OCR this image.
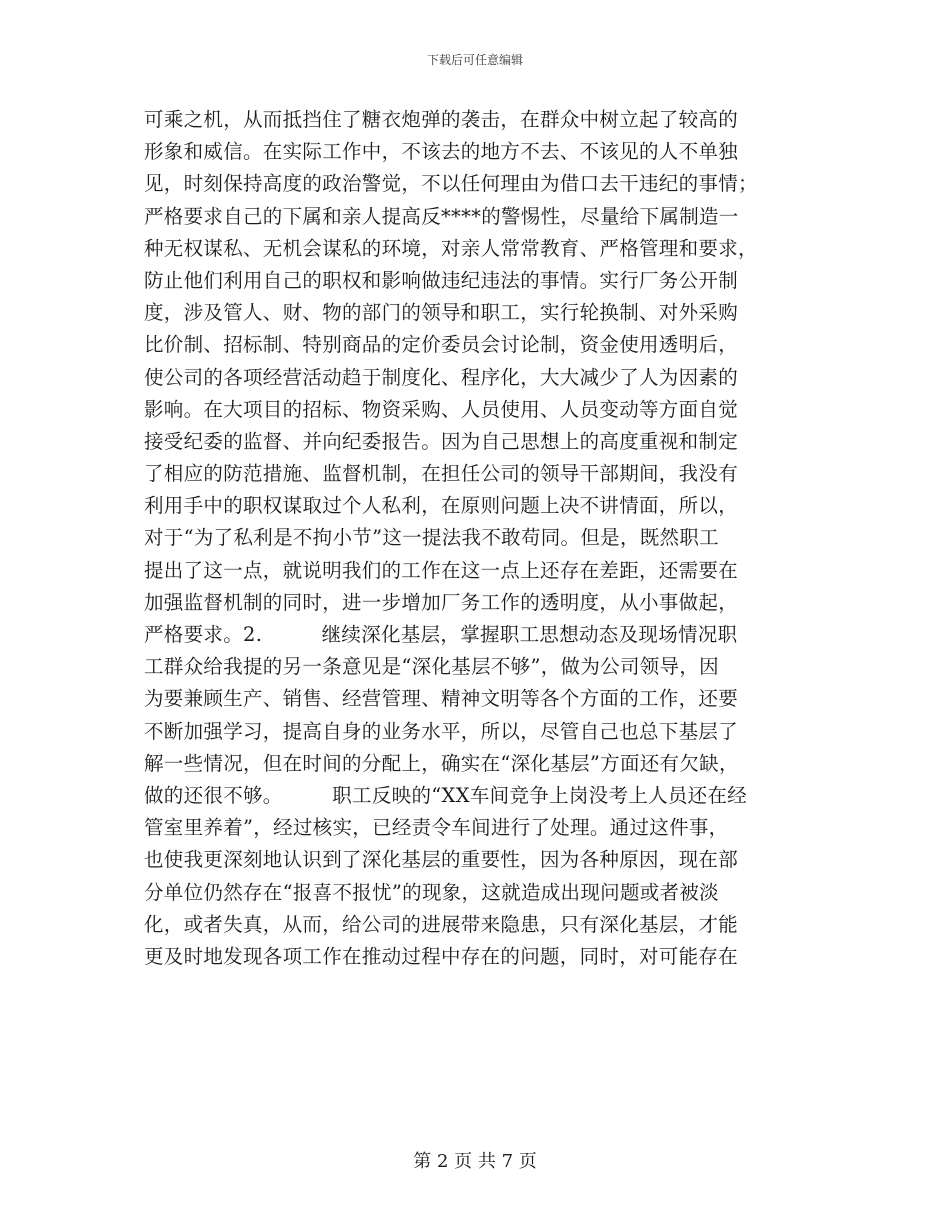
下载后可任意编辑
可乘之机，从而抵挡住了糖衣炮弹的袭击，在群众中树立起了较高的
形象和威信。在实际工作中，不该去的地方不去、不该见的人不单独
见，时刻保持高度的政治警觉，不以任何理由为借口去干违纪的事情；
严格要求自己的下属和亲人提高反****的警惕性，尽量给下属制造一
种无权谋私、无机会谋私的环境，对亲人常常教育、严格管理和要求，
防止他们利用自己的职权和影响做违纪违法的事情。实行厂务公开制
度，涉及管人、财、物的部门的领导和职工，实行轮换制、对外采购
比价制、招标制、特别商品的定价委员会讨论制，资金使用透明后，
使公司的各项经营活动趋于制度化、程序化，大大减少了人为因素的
影响。在大项目的招标、物资采购、人员使用、人员变动等方面自觉
接受纪委的监督、并向纪委报告。因为自己思想上的高度重视和制定
了相应的防范措施、监督机制，在担任公司的领导干部期间，我没有
利用手中的职权谋取过个人私利，在原则问题上决不讲情面，所以，
对于“为了私利是不拘小节”这一提法我不敢苟同。但是，既然职工
提出了这一点，就说明我们的工作在这一点上还存在差距，还需要在
加强监督机制的同时，进一步增加厂务工作的透明度，从小事做起，
严格要求。2.　　　继续深化基层，掌握职工思想动态及现场情况职
工群众给我提的另一条意见是“深化基层不够”，做为公司领导，因
为要兼顾生产、销售、经营管理、精神文明等各个方面的工作，还要
不断加强学习，提高自身的业务水平，所以，尽管自己也总下基层了
解一些情况，但在时间的分配上，确实在“深化基层”方面还有欠缺，
做的还很不够。　　　职工反映的“XX车间竞争上岗没考上人员还在经
管室里养着”，经过核实，已经责令车间进行了处理。通过这件事，
也使我更深刻地认识到了深化基层的重要性，因为各种原因，现在部
分单位仍然存在“报喜不报忧”的现象，这就造成出现问题或者被淡
化，或者失真，从而，给公司的进展带来隐患，只有深化基层，才能
更及时地发现各项工作在推动过程中存在的问题，同时，对可能存在
第 2 页 共 7 页
